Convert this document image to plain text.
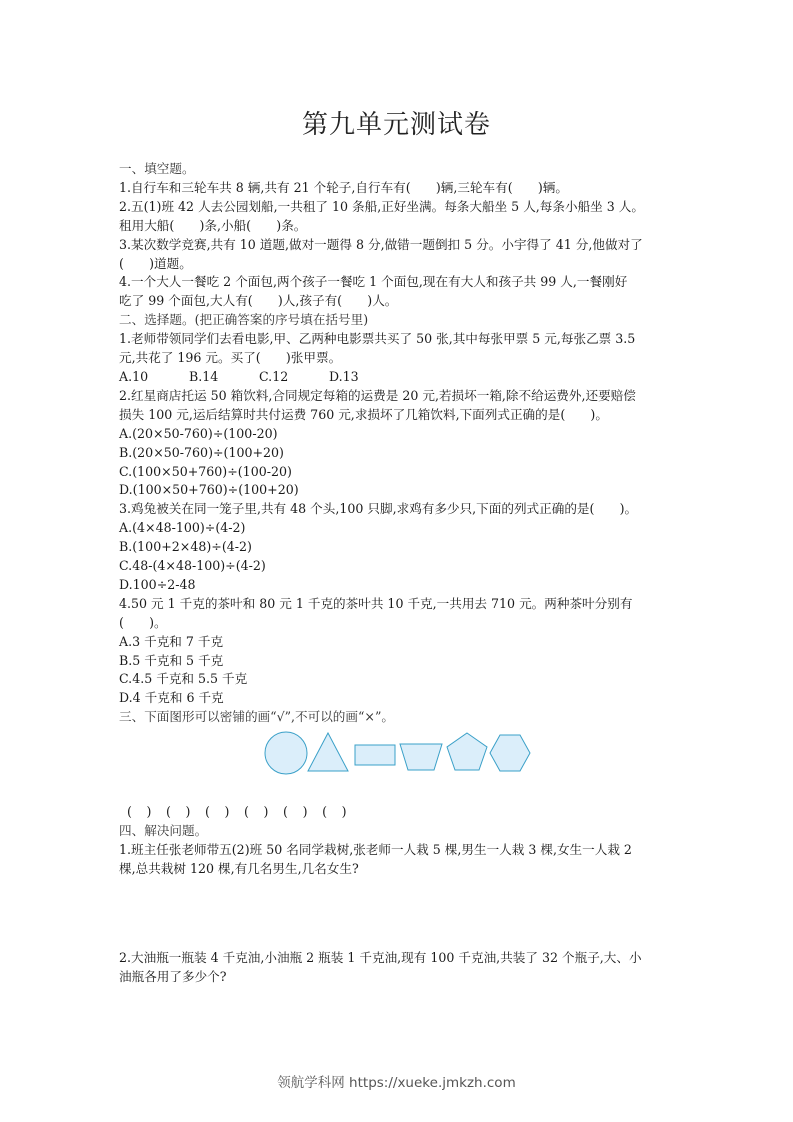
第九单元测试卷
一、填空题。
1.自行车和三轮车共 8 辆,共有 21 个轮子,自行车有(　　)辆,三轮车有(　　)辆。
2.五(1)班 42 人去公园划船,一共租了 10 条船,正好坐满。每条大船坐 5 人,每条小船坐 3 人。
租用大船(　　)条,小船(　　)条。
3.某次数学竞赛,共有 10 道题,做对一题得 8 分,做错一题倒扣 5 分。小宇得了 41 分,他做对了
(　　)道题。
4.一个大人一餐吃 2 个面包,两个孩子一餐吃 1 个面包,现在有大人和孩子共 99 人,一餐刚好
吃了 99 个面包,大人有(　　)人,孩子有(　　)人。
二、选择题。(把正确答案的序号填在括号里)
1.老师带领同学们去看电影,甲、乙两种电影票共买了 50 张,其中每张甲票 5 元,每张乙票 3.5
元,共花了 196 元。买了(　　)张甲票。
A.10	B.14	C.12	D.13
2.红星商店托运 50 箱饮料,合同规定每箱的运费是 20 元,若损坏一箱,除不给运费外,还要赔偿
损失 100 元,运后结算时共付运费 760 元,求损坏了几箱饮料,下面列式正确的是(　　)。
A.(20×50-760)÷(100-20)
B.(20×50-760)÷(100+20)
C.(100×50+760)÷(100-20)
D.(100×50+760)÷(100+20)
3.鸡兔被关在同一笼子里,共有 48 个头,100 只脚,求鸡有多少只,下面的列式正确的是(　　)。
A.(4×48-100)÷(4-2)
B.(100+2×48)÷(4-2)
C.48-(4×48-100)÷(4-2)
D.100÷2-48
4.50 元 1 千克的茶叶和 80 元 1 千克的茶叶共 10 千克,一共用去 710 元。两种茶叶分别有
(　　)。
A.3 千克和 7 千克
B.5 千克和 5 千克
C.4.5 千克和 5.5 千克
D.4 千克和 6 千克
三、下面图形可以密铺的画“√”,不可以的画“×”。
(　)　(　)　(　)　(　)　(　)　(　)
四、解决问题。
1.班主任张老师带五(2)班 50 名同学栽树,张老师一人栽 5 棵,男生一人栽 3 棵,女生一人栽 2
棵,总共栽树 120 棵,有几名男生,几名女生?
2.大油瓶一瓶装 4 千克油,小油瓶 2 瓶装 1 千克油,现有 100 千克油,共装了 32 个瓶子,大、小
油瓶各用了多少个?
领航学科网 https://xueke.jmkzh.com
